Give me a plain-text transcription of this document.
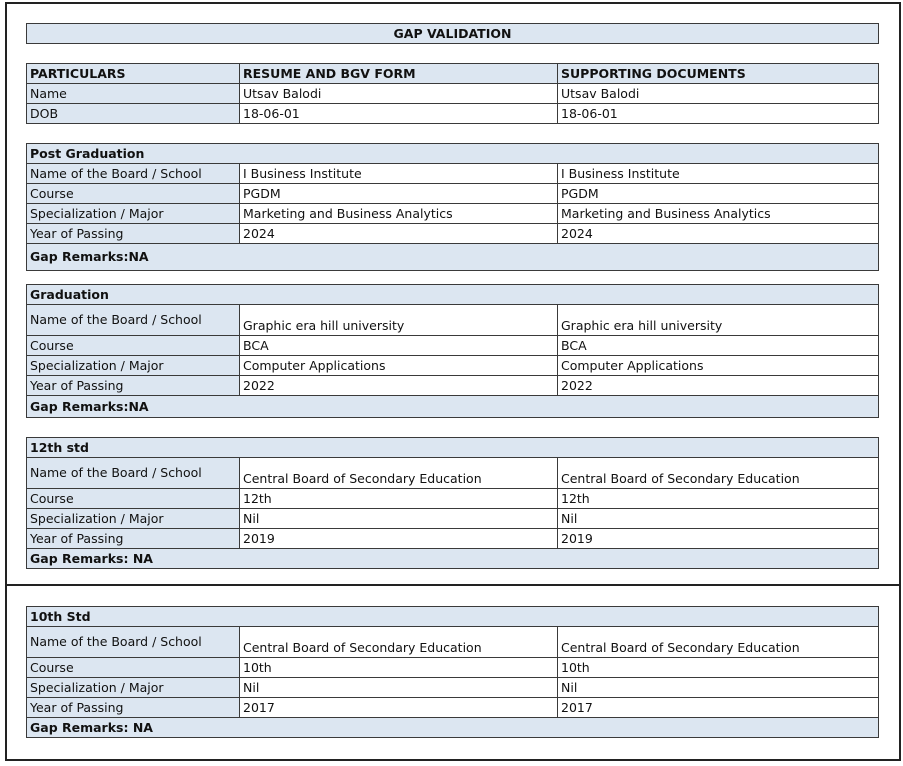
GAP VALIDATION
PARTICULARS	RESUME AND BGV FORM	SUPPORTING DOCUMENTS
Name	Utsav Balodi	Utsav Balodi
DOB	18-06-01	18-06-01
Post Graduation		
Name of the Board / School	I Business Institute	I Business Institute
Course	PGDM	PGDM
Specialization / Major	Marketing and Business Analytics	Marketing and Business Analytics
Year of Passing	2024	2024
Gap Remarks:NA		
Graduation		
Name of the Board / School	Graphic era hill university	Graphic era hill university
Course	BCA	BCA
Specialization / Major	Computer Applications	Computer Applications
Year of Passing	2022	2022
Gap Remarks:NA		
12th std		
Name of the Board / School	Central Board of Secondary Education	Central Board of Secondary Education
Course	12th	12th
Specialization / Major	Nil	Nil
Year of Passing	2019	2019
Gap Remarks: NA		
10th Std		
Name of the Board / School	Central Board of Secondary Education	Central Board of Secondary Education
Course	10th	10th
Specialization / Major	Nil	Nil
Year of Passing	2017	2017
Gap Remarks: NA		
